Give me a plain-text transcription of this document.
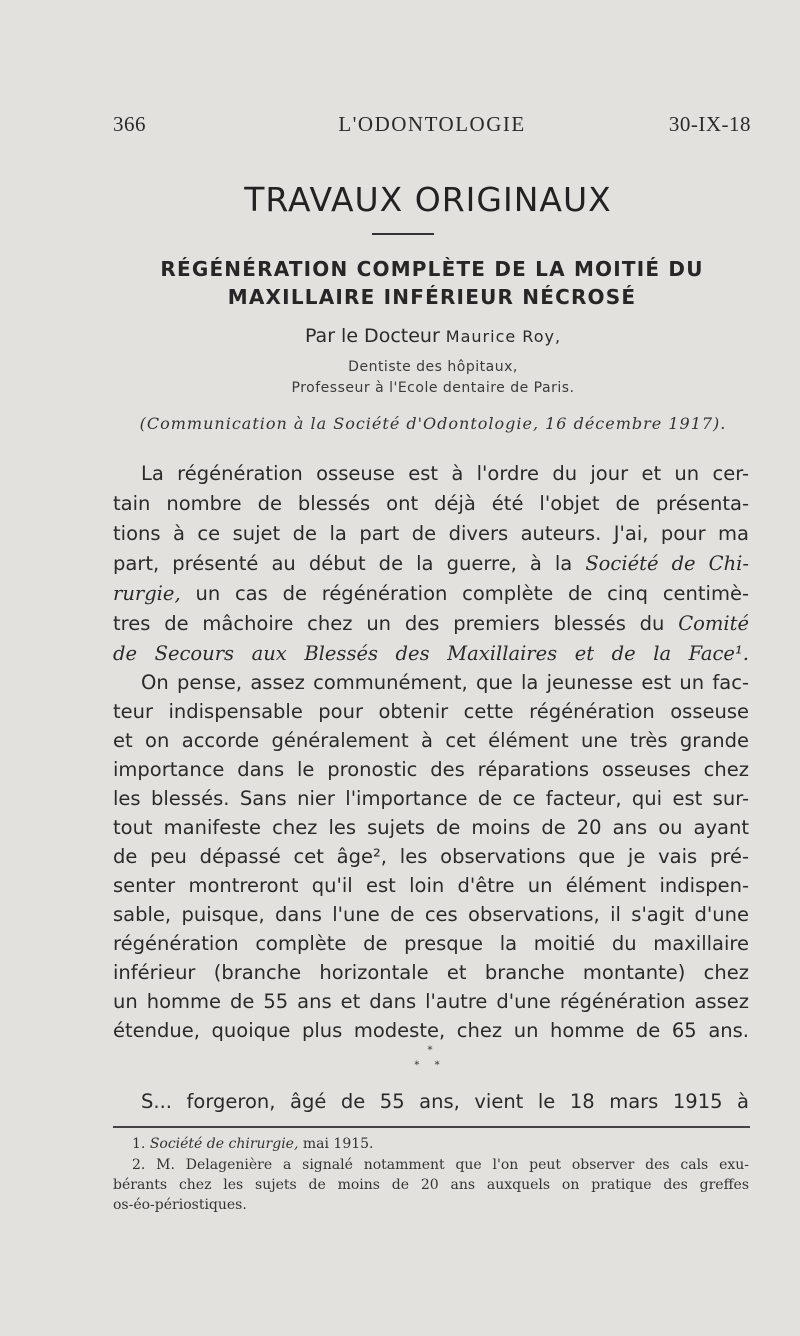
366	L'ODONTOLOGIE	30-IX-18
TRAVAUX ORIGINAUX
RÉGÉNÉRATION COMPLÈTE DE LA MOITIÉ DU
MAXILLAIRE INFÉRIEUR NÉCROSÉ
Par le Docteur Maurice Roy,
Dentiste des hôpitaux,
Professeur à l'Ecole dentaire de Paris.
(Communication à la Société d'Odontologie, 16 décembre 1917).
La régénération osseuse est à l'ordre du jour et un cer-
tain nombre de blessés ont déjà été l'objet de présenta-
tions à ce sujet de la part de divers auteurs. J'ai, pour ma
part, présenté au début de la guerre, à la Société de Chi-
rurgie, un cas de régénération complète de cinq centimè-
tres de mâchoire chez un des premiers blessés du Comité
de Secours aux Blessés des Maxillaires et de la Face¹.
On pense, assez communément, que la jeunesse est un fac-
teur indispensable pour obtenir cette régénération osseuse
et on accorde généralement à cet élément une très grande
importance dans le pronostic des réparations osseuses chez
les blessés. Sans nier l'importance de ce facteur, qui est sur-
tout manifeste chez les sujets de moins de 20 ans ou ayant
de peu dépassé cet âge², les observations que je vais pré-
senter montreront qu'il est loin d'être un élément indispen-
sable, puisque, dans l'une de ces observations, il s'agit d'une
régénération complète de presque la moitié du maxillaire
inférieur (branche horizontale et branche montante) chez
un homme de 55 ans et dans l'autre d'une régénération assez
étendue, quoique plus modeste, chez un homme de 65 ans.
*
* *
S... forgeron, âgé de 55 ans, vient le 18 mars 1915 à
1. Société de chirurgie, mai 1915.
2. M. Delagenière a signalé notamment que l'on peut observer des cals exu-
bérants chez les sujets de moins de 20 ans auxquels on pratique des greffes
os-éo-périostiques.
